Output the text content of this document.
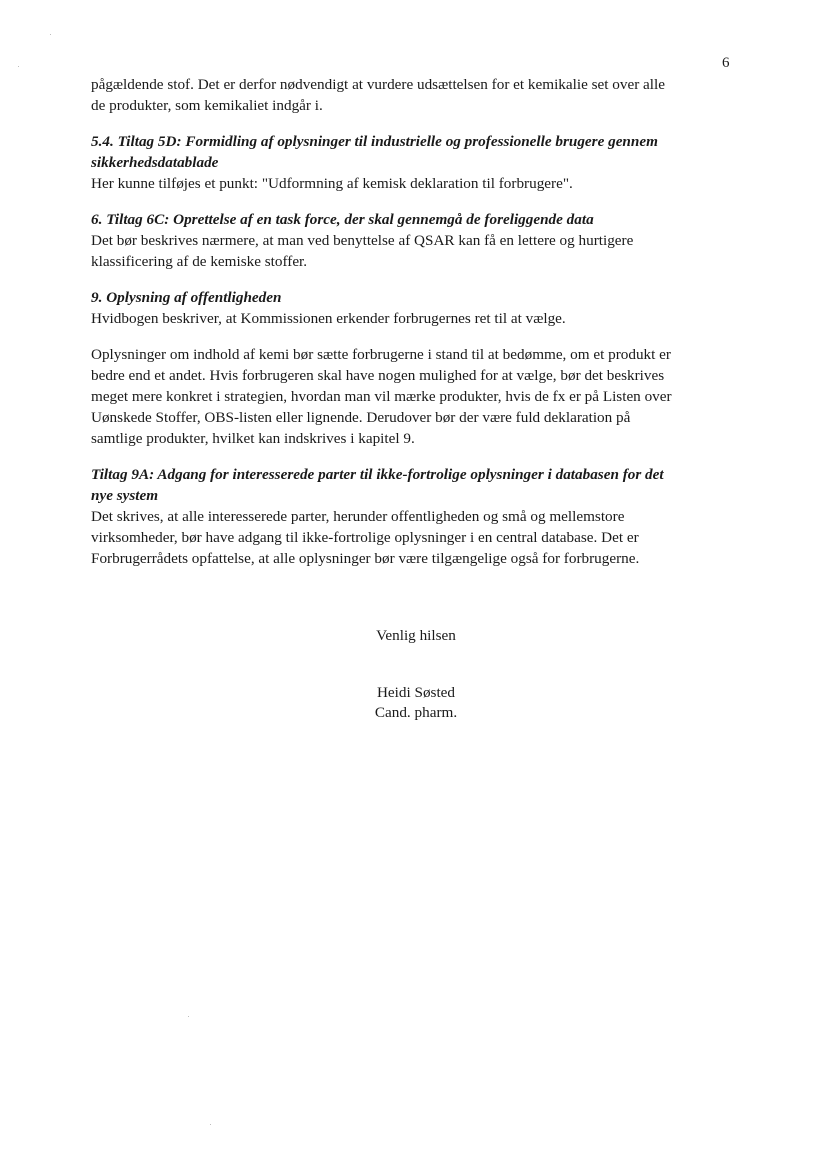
6

pågældende stof. Det er derfor nødvendigt at vurdere udsættelsen for et kemikalie set over alle

de produkter, som kemikaliet indgår i.

5.4. Tiltag 5D: Formidling af oplysninger til industrielle og professionelle brugere gennem

sikkerhedsdatablade

Her kunne tilføjes et punkt: "Udformning af kemisk deklaration til forbrugere".

6. Tiltag 6C: Oprettelse af en task force, der skal gennemgå de foreliggende data

Det bør beskrives nærmere, at man ved benyttelse af QSAR kan få en lettere og hurtigere

klassificering af de kemiske stoffer.

9. Oplysning af offentligheden

Hvidbogen beskriver, at Kommissionen erkender forbrugernes ret til at vælge.

Oplysninger om indhold af kemi bør sætte forbrugerne i stand til at bedømme, om et produkt er

bedre end et andet. Hvis forbrugeren skal have nogen mulighed for at vælge, bør det beskrives

meget mere konkret i strategien, hvordan man vil mærke produkter, hvis de fx er på Listen over

Uønskede Stoffer, OBS-listen eller lignende. Derudover bør der være fuld deklaration på

samtlige produkter, hvilket kan indskrives i kapitel 9.

Tiltag 9A: Adgang for interesserede parter til ikke-fortrolige oplysninger i databasen for det

nye system

Det skrives, at alle interesserede parter, herunder offentligheden og små og mellemstore

virksomheder, bør have adgang til ikke-fortrolige oplysninger i en central database. Det er

Forbrugerrådets opfattelse, at alle oplysninger bør være tilgængelige også for forbrugerne.

Venlig hilsen
Heidi Søsted
Cand. pharm.
